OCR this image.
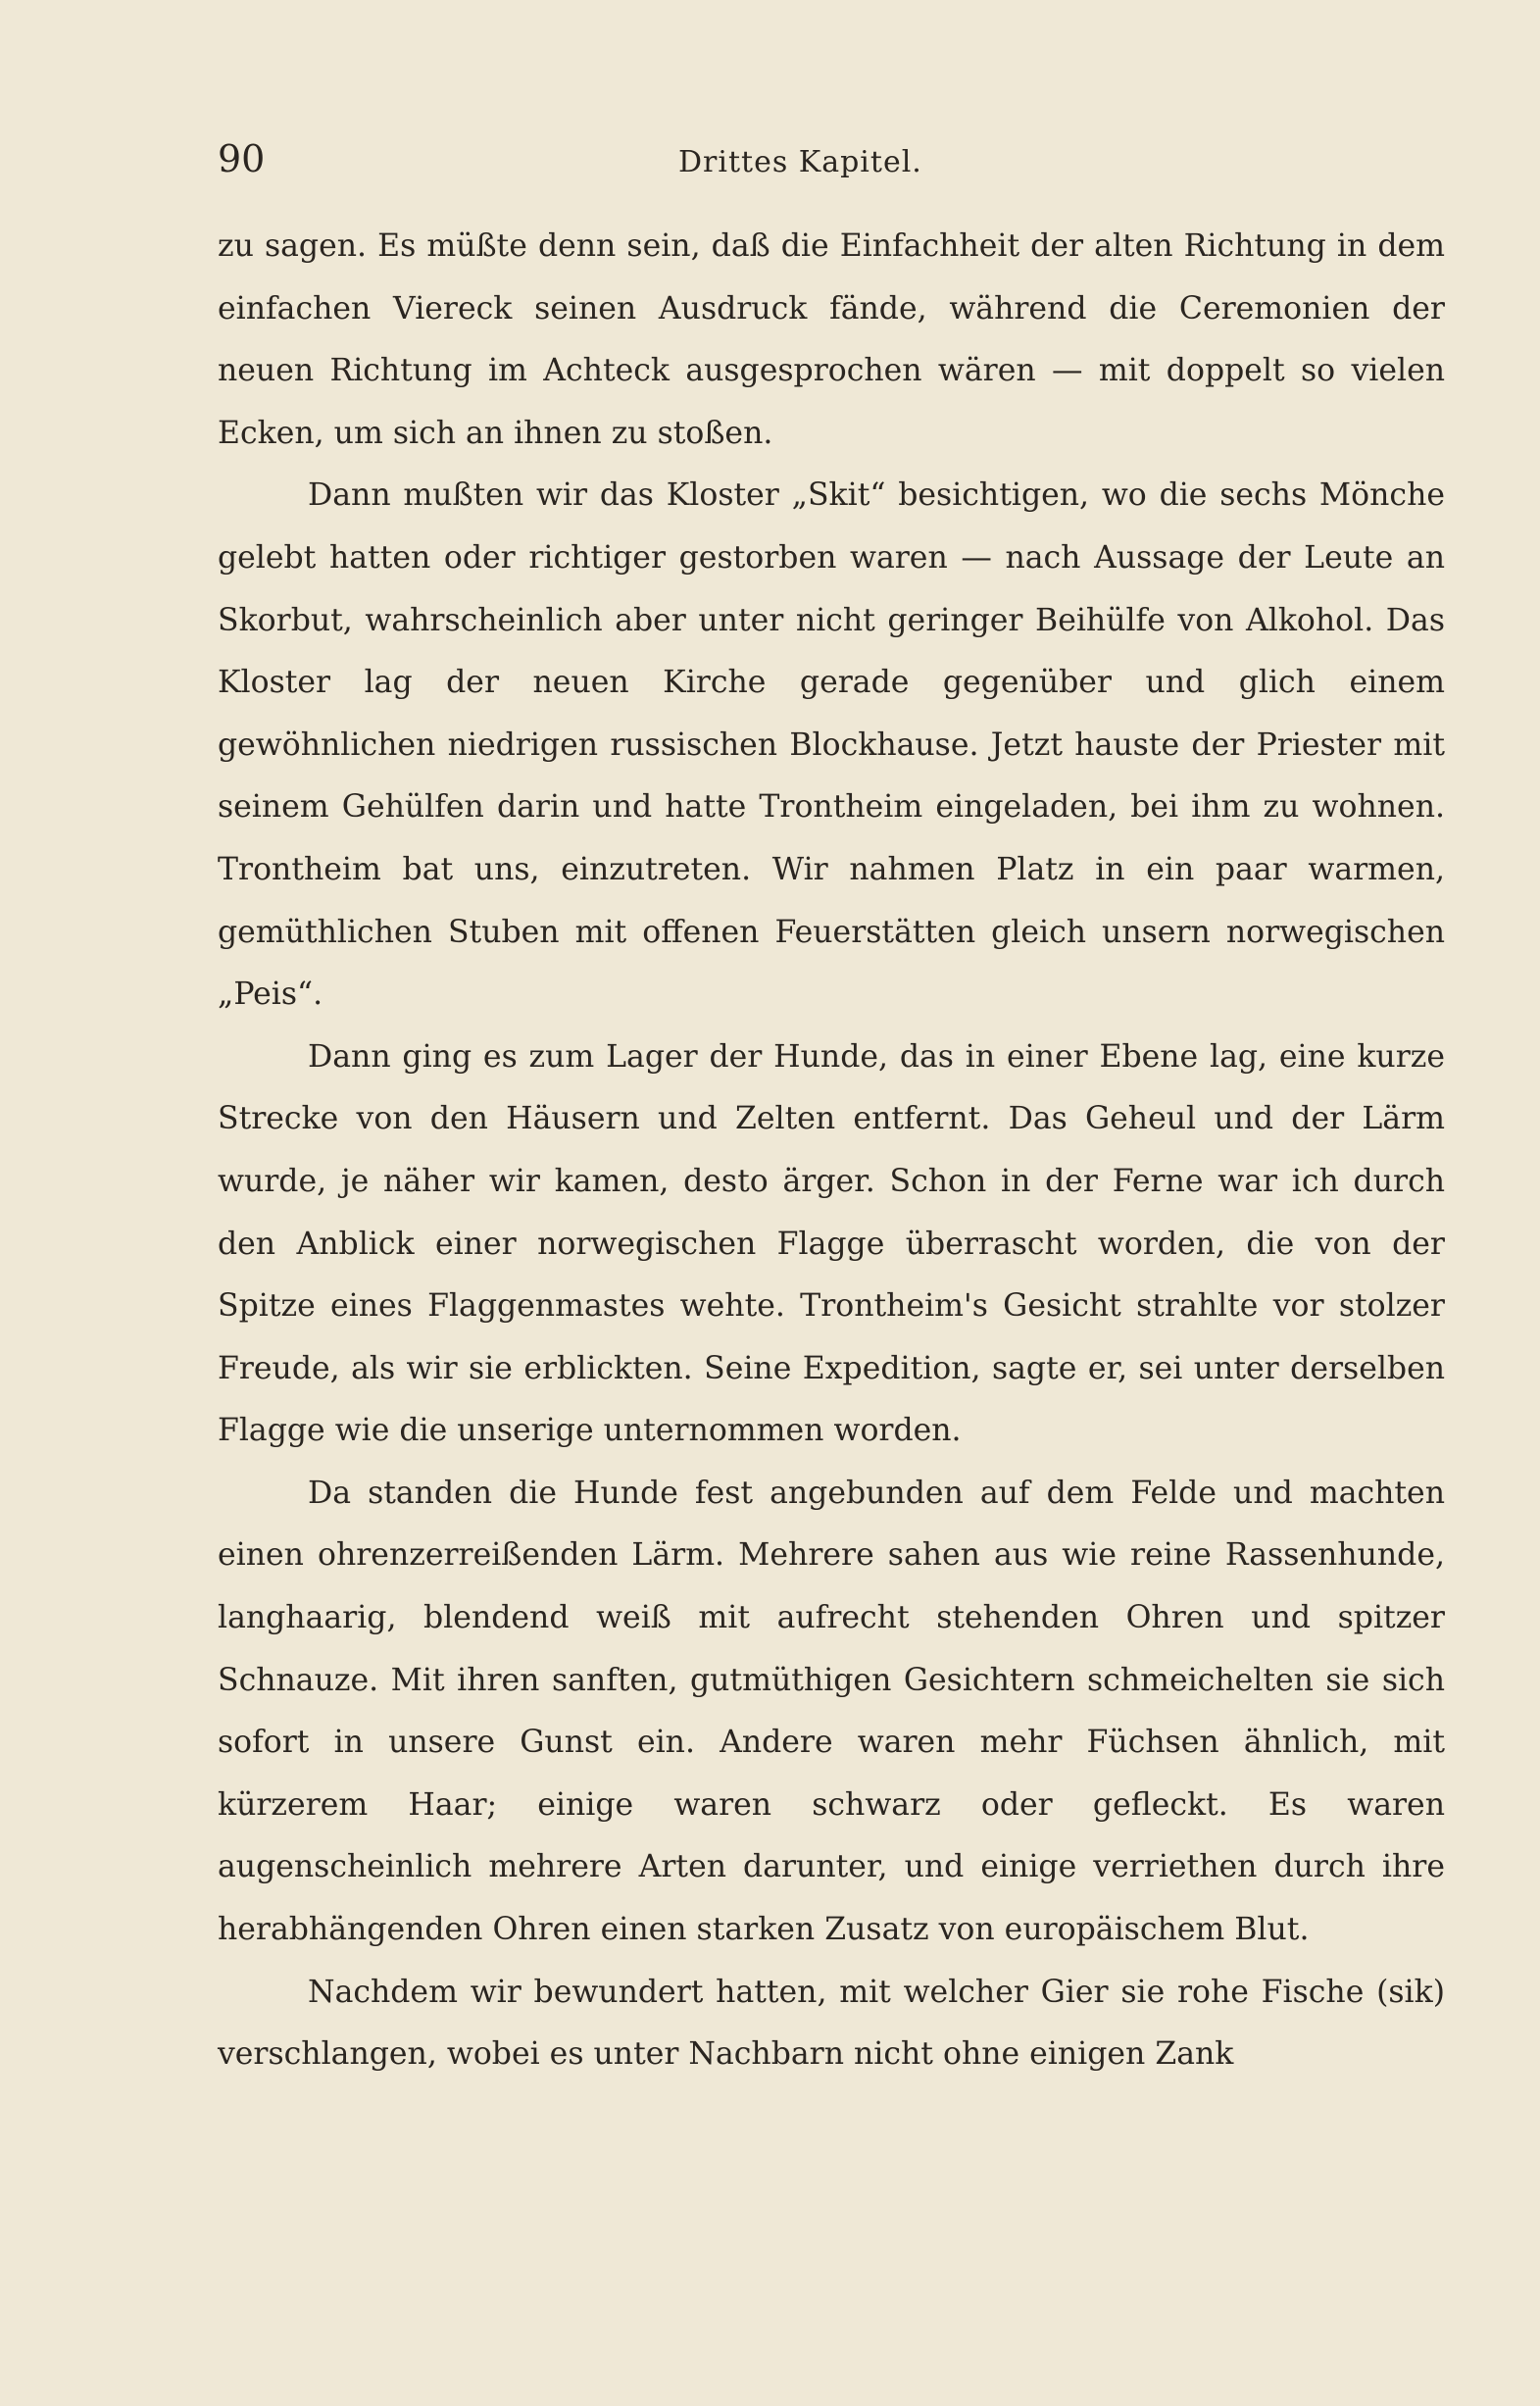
90	Drittes Kapitel.

zu sagen. Es müßte denn sein, daß die Einfachheit der alten Richtung in dem einfachen Viereck seinen Ausdruck fände, während die Ceremonien der neuen Richtung im Achteck ausgesprochen wären — mit doppelt so vielen Ecken, um sich an ihnen zu stoßen.

Dann mußten wir das Kloster „Skit“ besichtigen, wo die sechs Mönche gelebt hatten oder richtiger gestorben waren — nach Aussage der Leute an Skorbut, wahrscheinlich aber unter nicht geringer Beihülfe von Alkohol. Das Kloster lag der neuen Kirche gerade gegenüber und glich einem gewöhnlichen niedrigen russischen Blockhause. Jetzt hauste der Priester mit seinem Gehülfen darin und hatte Trontheim eingeladen, bei ihm zu wohnen. Trontheim bat uns, einzutreten. Wir nahmen Platz in ein paar warmen, gemüthlichen Stuben mit offenen Feuerstätten gleich unsern norwegischen „Peis“.

Dann ging es zum Lager der Hunde, das in einer Ebene lag, eine kurze Strecke von den Häusern und Zelten entfernt. Das Geheul und der Lärm wurde, je näher wir kamen, desto ärger. Schon in der Ferne war ich durch den Anblick einer norwegischen Flagge überrascht worden, die von der Spitze eines Flaggenmastes wehte. Trontheim's Gesicht strahlte vor stolzer Freude, als wir sie erblickten. Seine Expedition, sagte er, sei unter derselben Flagge wie die unserige unternommen worden.

Da standen die Hunde fest angebunden auf dem Felde und machten einen ohrenzerreißenden Lärm. Mehrere sahen aus wie reine Rassenhunde, langhaarig, blendend weiß mit aufrecht stehenden Ohren und spitzer Schnauze. Mit ihren sanften, gutmüthigen Gesichtern schmeichelten sie sich sofort in unsere Gunst ein. Andere waren mehr Füchsen ähnlich, mit kürzerem Haar; einige waren schwarz oder gefleckt. Es waren augenscheinlich mehrere Arten darunter, und einige verriethen durch ihre herabhängenden Ohren einen starken Zusatz von europäischem Blut.

Nachdem wir bewundert hatten, mit welcher Gier sie rohe Fische (sik) verschlangen, wobei es unter Nachbarn nicht ohne einigen Zank
